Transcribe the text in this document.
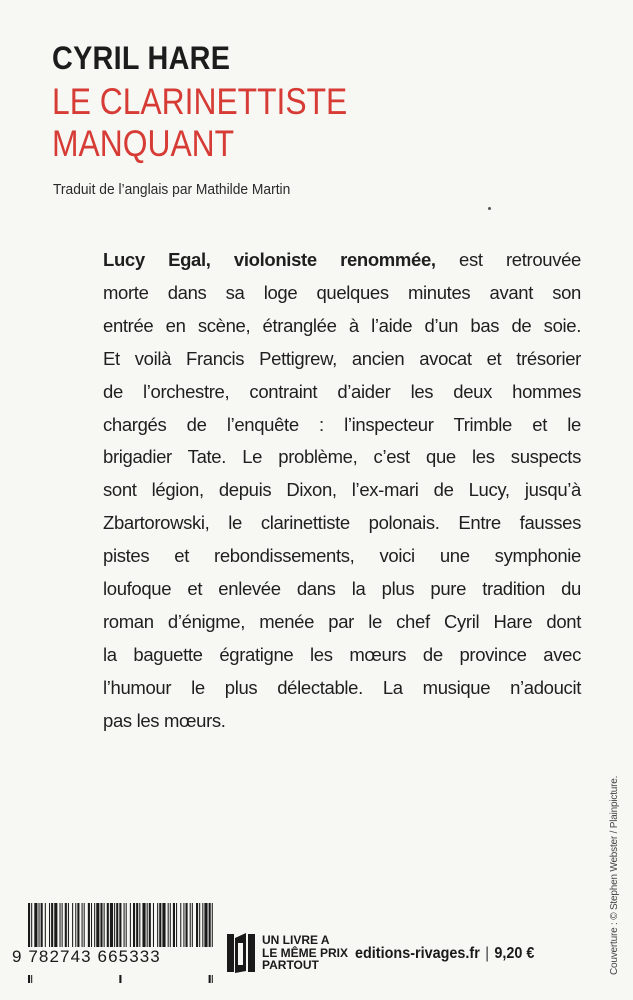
CYRIL HARE
LE CLARINETTISTE
MANQUANT
Traduit de l’anglais par Mathilde Martin
Lucy Egal, violoniste renommée, est retrouvée
morte dans sa loge quelques minutes avant son
entrée en scène, étranglée à l’aide d’un bas de soie.
Et voilà Francis Pettigrew, ancien avocat et trésorier
de l’orchestre, contraint d’aider les deux hommes
chargés de l’enquête : l’inspecteur Trimble et le
brigadier Tate. Le problème, c’est que les suspects
sont légion, depuis Dixon, l’ex-mari de Lucy, jusqu’à
Zbartorowski, le clarinettiste polonais. Entre fausses
pistes et rebondissements, voici une symphonie
loufoque et enlevée dans la plus pure tradition du
roman d’énigme, menée par le chef Cyril Hare dont
la baguette égratigne les mœurs de province avec
l’humour le plus délectable. La musique n’adoucit
pas les mœurs.
Couverture : © Stephen Webster / Plainpicture.
9 782743 665333
UN LIVRE A
LE MÊME PRIX
PARTOUT
editions-rivages.fr | 9,20 €
